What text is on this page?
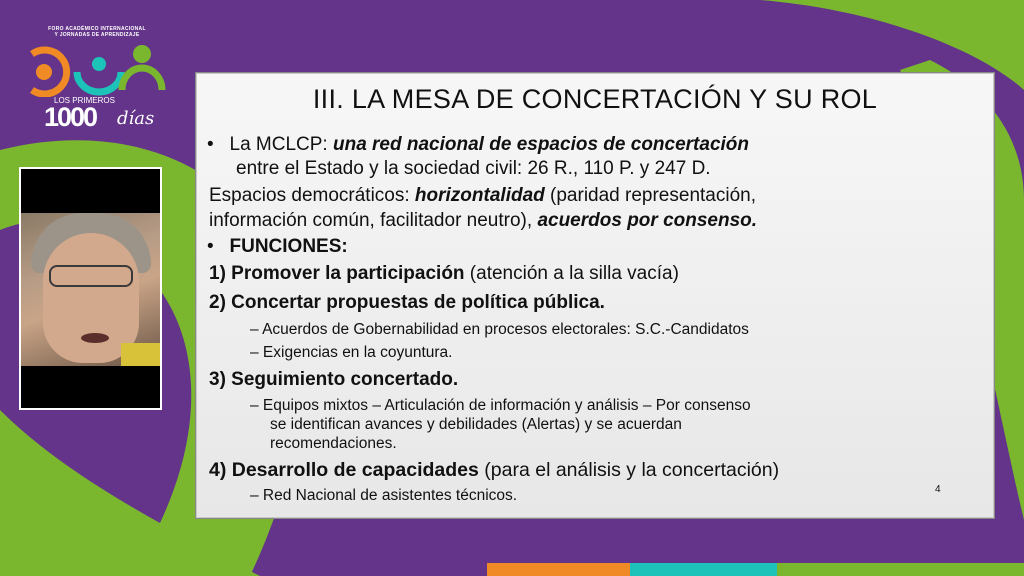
FORO ACADÉMICO INTERNACIONAL
Y JORNADAS DE APRENDIZAJE
LOS PRIMEROS
1000 días
III. LA MESA DE CONCERTACIÓN Y SU ROL
• La MCLCP: una red nacional de espacios de concertación
entre el Estado y la sociedad civil: 26 R., 110 P. y 247 D.
Espacios democráticos: horizontalidad (paridad representación,
información común, facilitador neutro), acuerdos por consenso.
• FUNCIONES:
1) Promover la participación (atención a la silla vacía)
2) Concertar propuestas de política pública.
– Acuerdos de Gobernabilidad en procesos electorales: S.C.-Candidatos
– Exigencias en la coyuntura.
3) Seguimiento concertado.
– Equipos mixtos – Articulación de información y análisis – Por consenso
se identifican avances y debilidades (Alertas) y se acuerdan
recomendaciones.
4) Desarrollo de capacidades (para el análisis y la concertación)
– Red Nacional de asistentes técnicos.	4
